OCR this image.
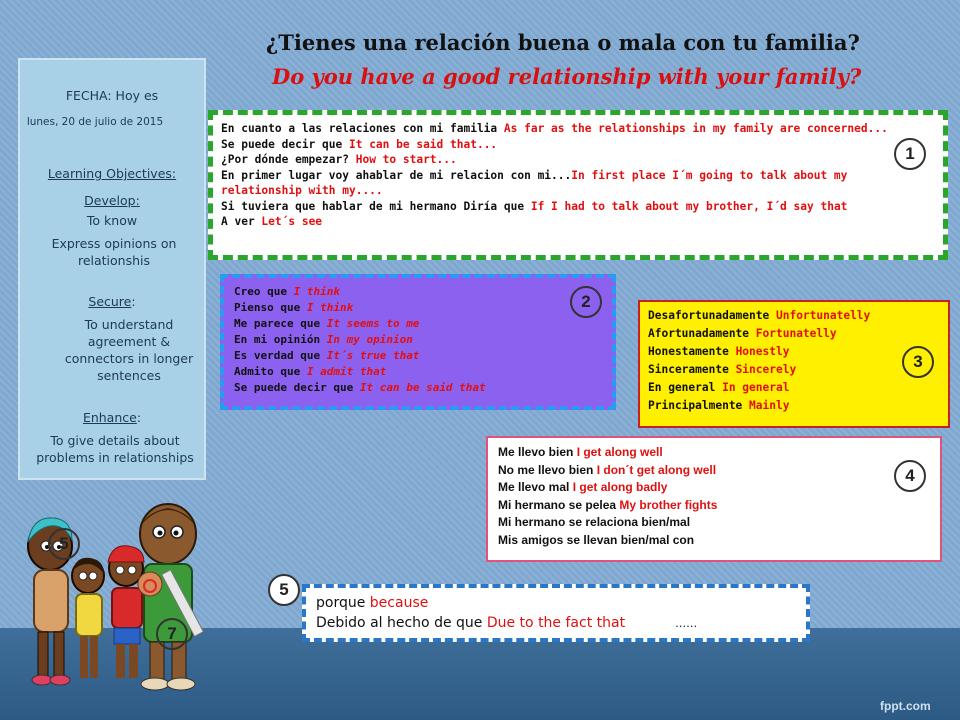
¿Tienes una relación buena o mala con tu familia?
Do you have a good relationship with your family?
FECHA: Hoy es
lunes, 20 de julio de 2015
Learning Objectives:
Develop:
To know
Express opinions on relationshis
Secure:
To understand agreement & connectors in longer sentences
Enhance:
To give details about problems in relationships
En cuanto a las relaciones con mi familia As far as the relationships in my family are concerned...
Se puede decir que It can be said that...
¿Por dónde empezar? How to start...
En primer lugar voy ahablar de mi relacion con mi...In first place I´m going to talk about my relationship with my....
Si tuviera que hablar de mi hermano Diría que If I had to talk about my brother, I´d say that
A ver Let´s see
1
Creo que I think
Pienso que I think
Me parece que It seems to me
En mi opinión In my opinion
Es verdad que It´s true that
Admito que I admit that
Se puede decir que It can be said that
2
Desafortunadamente Unfortunatelly
Afortunadamente Fortunatelly
Honestamente Honestly
Sinceramente Sincerely
En general In general
Principalmente Mainly
3
Me llevo bien I get along well
No me llevo bien I don´t get along well
Me llevo mal I get along badly
Mi hermano se pelea My brother fights
Mi hermano se relaciona bien/mal
Mis amigos se llevan bien/mal con
4
5
porque because
Debido al hecho de que Due to the fact that	……
5
7
fppt.com
